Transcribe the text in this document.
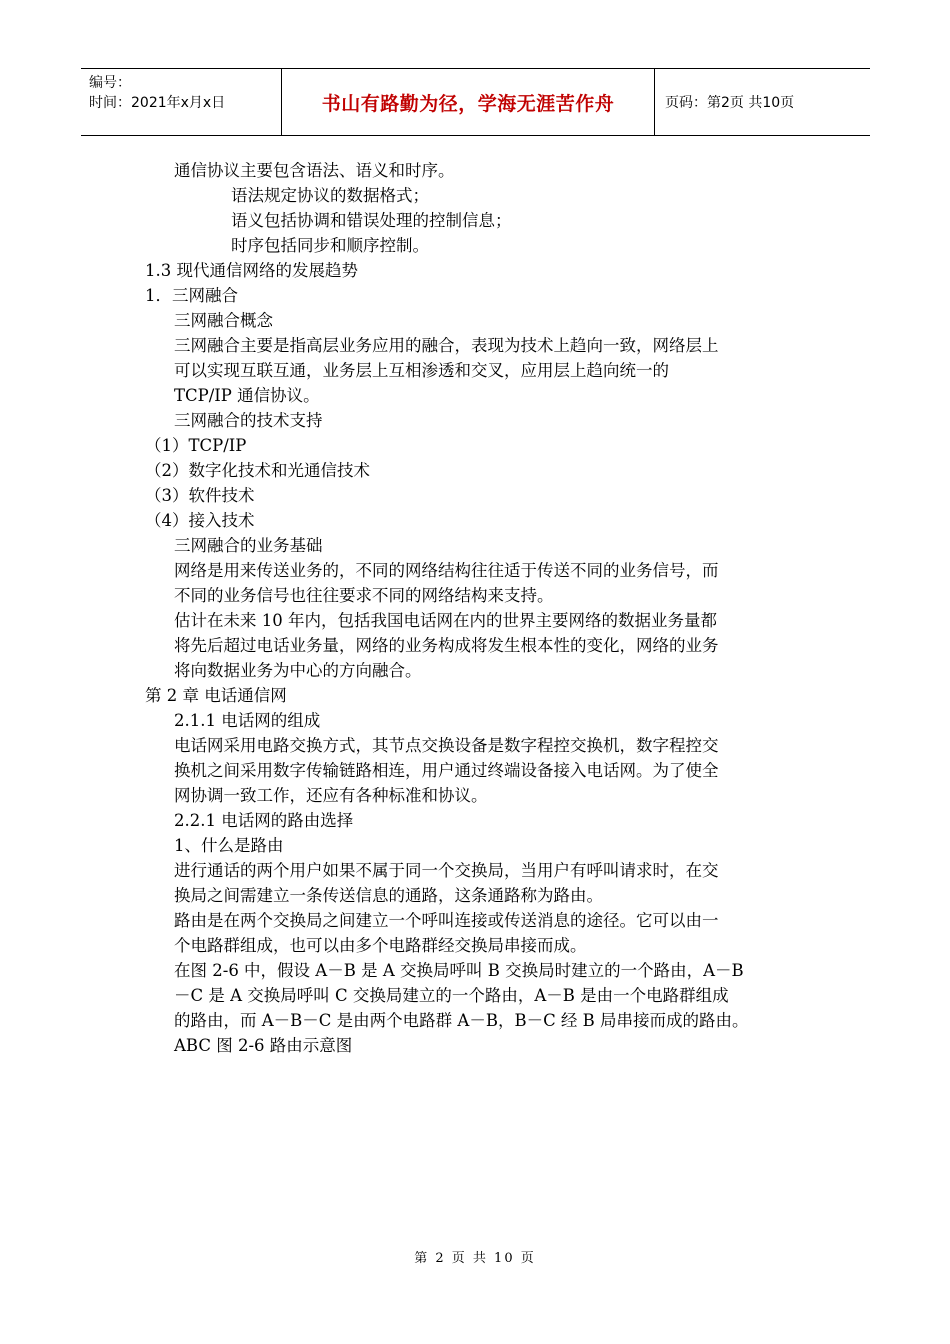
编号：
时间：2021年x月x日	书山有路勤为径，学海无涯苦作舟	页码：第2页 共10页
通信协议主要包含语法、语义和时序。
语法规定协议的数据格式；
语义包括协调和错误处理的控制信息；
时序包括同步和顺序控制。
1.3 现代通信网络的发展趋势
1．三网融合
三网融合概念
三网融合主要是指高层业务应用的融合，表现为技术上趋向一致，网络层上
可以实现互联互通，业务层上互相渗透和交叉，应用层上趋向统一的
TCP/IP 通信协议。
三网融合的技术支持
（1）TCP/IP
（2）数字化技术和光通信技术
（3）软件技术
（4）接入技术
三网融合的业务基础
网络是用来传送业务的，不同的网络结构往往适于传送不同的业务信号，而
不同的业务信号也往往要求不同的网络结构来支持。
估计在未来 10 年内，包括我国电话网在内的世界主要网络的数据业务量都
将先后超过电话业务量，网络的业务构成将发生根本性的变化，网络的业务
将向数据业务为中心的方向融合。
第 2 章 电话通信网
2.1.1 电话网的组成
电话网采用电路交换方式，其节点交换设备是数字程控交换机，数字程控交
换机之间采用数字传输链路相连，用户通过终端设备接入电话网。为了使全
网协调一致工作，还应有各种标准和协议。
2.2.1 电话网的路由选择
1、什么是路由
进行通话的两个用户如果不属于同一个交换局，当用户有呼叫请求时，在交
换局之间需建立一条传送信息的通路，这条通路称为路由。
路由是在两个交换局之间建立一个呼叫连接或传送消息的途径。它可以由一
个电路群组成，也可以由多个电路群经交换局串接而成。
在图 2-6 中，假设 A－B 是 A 交换局呼叫 B 交换局时建立的一个路由，A－B
－C 是 A 交换局呼叫 C 交换局建立的一个路由，A－B 是由一个电路群组成
的路由，而 A－B－C 是由两个电路群 A－B，B－C 经 B 局串接而成的路由。
ABC 图 2-6 路由示意图
第 2 页 共 10 页
